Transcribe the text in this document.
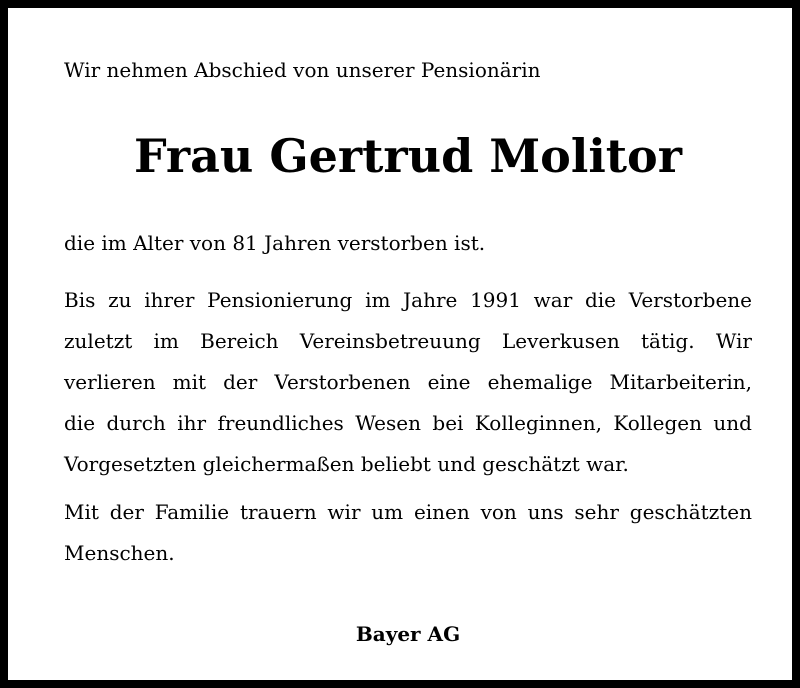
Wir nehmen Abschied von unserer Pensionärin
Frau Gertrud Molitor
die im Alter von 81 Jahren verstorben ist.
Bis zu ihrer Pensionierung im Jahre 1991 war die Verstorbene
zuletzt im Bereich Vereinsbetreuung Leverkusen tätig. Wir
verlieren mit der Verstorbenen eine ehemalige Mitarbeiterin,
die durch ihr freundliches Wesen bei Kolleginnen, Kollegen und
Vorgesetzten gleichermaßen beliebt und geschätzt war.
Mit der Familie trauern wir um einen von uns sehr geschätzten
Menschen.
Bayer AG
